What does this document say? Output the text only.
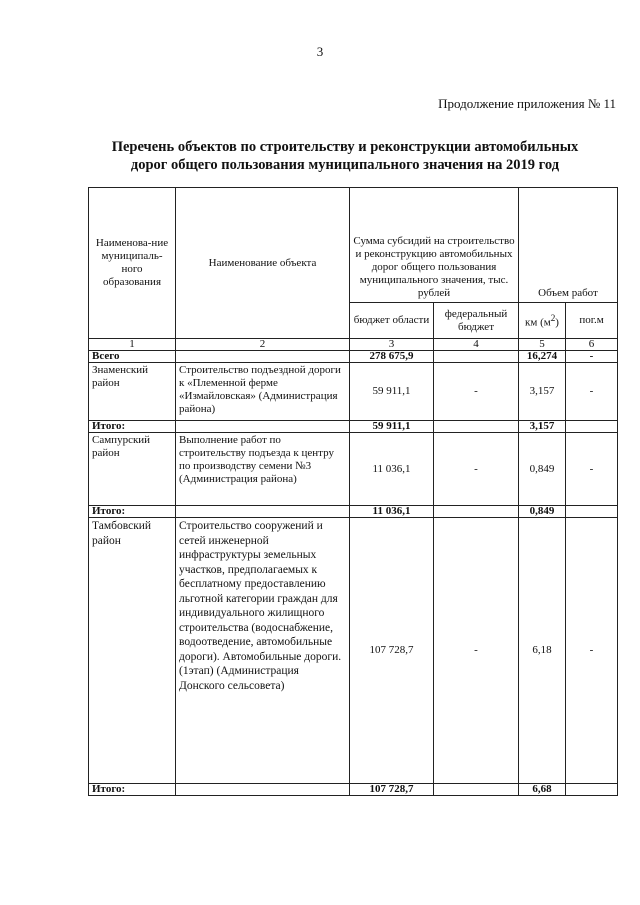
3
Продолжение приложения № 11
Перечень объектов по строительству и реконструкции автомобильных
дорог общего пользования муниципального значения на 2019 год
Наименова-ние муниципаль-ного образования	Наименование объекта	Сумма субсидий на строительство и реконструкцию автомобильных дорог общего пользования муниципального значения, тыс. рублей		Объем работ	
		бюджет области	федеральный бюджет	км $(м^2)$	пог.м
1	2	3	4	5	6
Всего		278 675,9		16,274	-
Знаменский район	Строительство подъездной дороги к «Племенной ферме «Измайловская» (Администрация района)	59 911,1	-	3,157	-
Итого:		59 911,1		3,157	
Сампурский район	Выполнение работ по строительству подъезда к центру по производству семени №3 (Администрация района)	11 036,1	-	0,849	-
Итого:		11 036,1		0,849	
Тамбовский район	Строительство сооружений и сетей инженерной инфраструктуры земельных участков, предполагаемых к бесплатному предоставлению льготной категории граждан для индивидуального жилищного строительства (водоснабжение, водоотведение, автомобильные дороги). Автомобильные дороги. (1этап) (Администрация Донского сельсовета)	107 728,7	-	6,18	-
Итого:		107 728,7		6,68	
